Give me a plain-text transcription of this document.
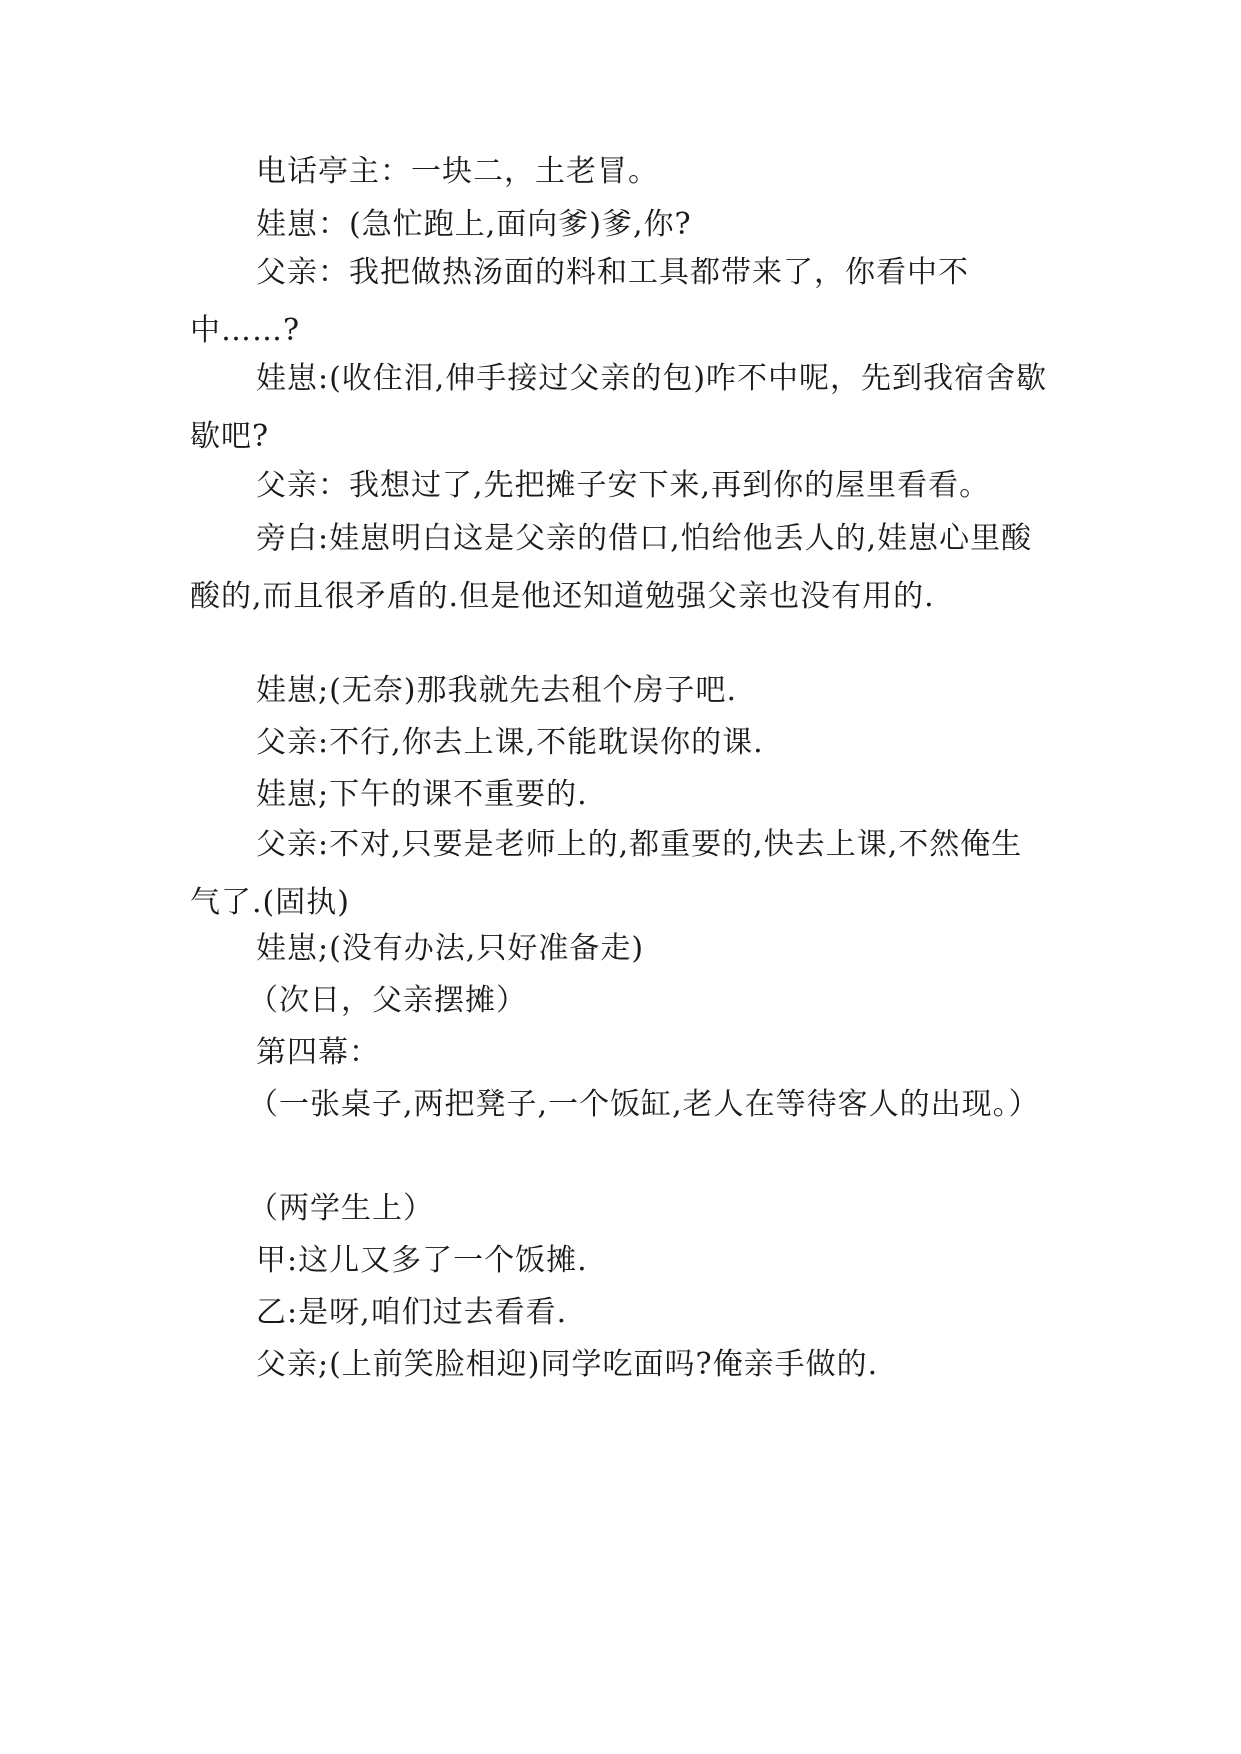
电话亭主：一块二，土老冒。

娃崽：(急忙跑上,面向爹)爹,你?

父亲：我把做热汤面的料和工具都带来了，你看中不中……?

娃崽:(收住泪,伸手接过父亲的包)咋不中呢，先到我宿舍歇歇吧?

父亲：我想过了,先把摊子安下来,再到你的屋里看看。

旁白:娃崽明白这是父亲的借口,怕给他丢人的,娃崽心里酸酸的,而且很矛盾的.但是他还知道勉强父亲也没有用的.

娃崽;(无奈)那我就先去租个房子吧.

父亲:不行,你去上课,不能耽误你的课.

娃崽;下午的课不重要的.

父亲:不对,只要是老师上的,都重要的,快去上课,不然俺生气了.(固执)

娃崽;(没有办法,只好准备走)

（次日，父亲摆摊）

第四幕：

（一张桌子,两把凳子,一个饭缸,老人在等待客人的出现。）

（两学生上）

甲:这儿又多了一个饭摊.

乙:是呀,咱们过去看看.

父亲;(上前笑脸相迎)同学吃面吗?俺亲手做的.
